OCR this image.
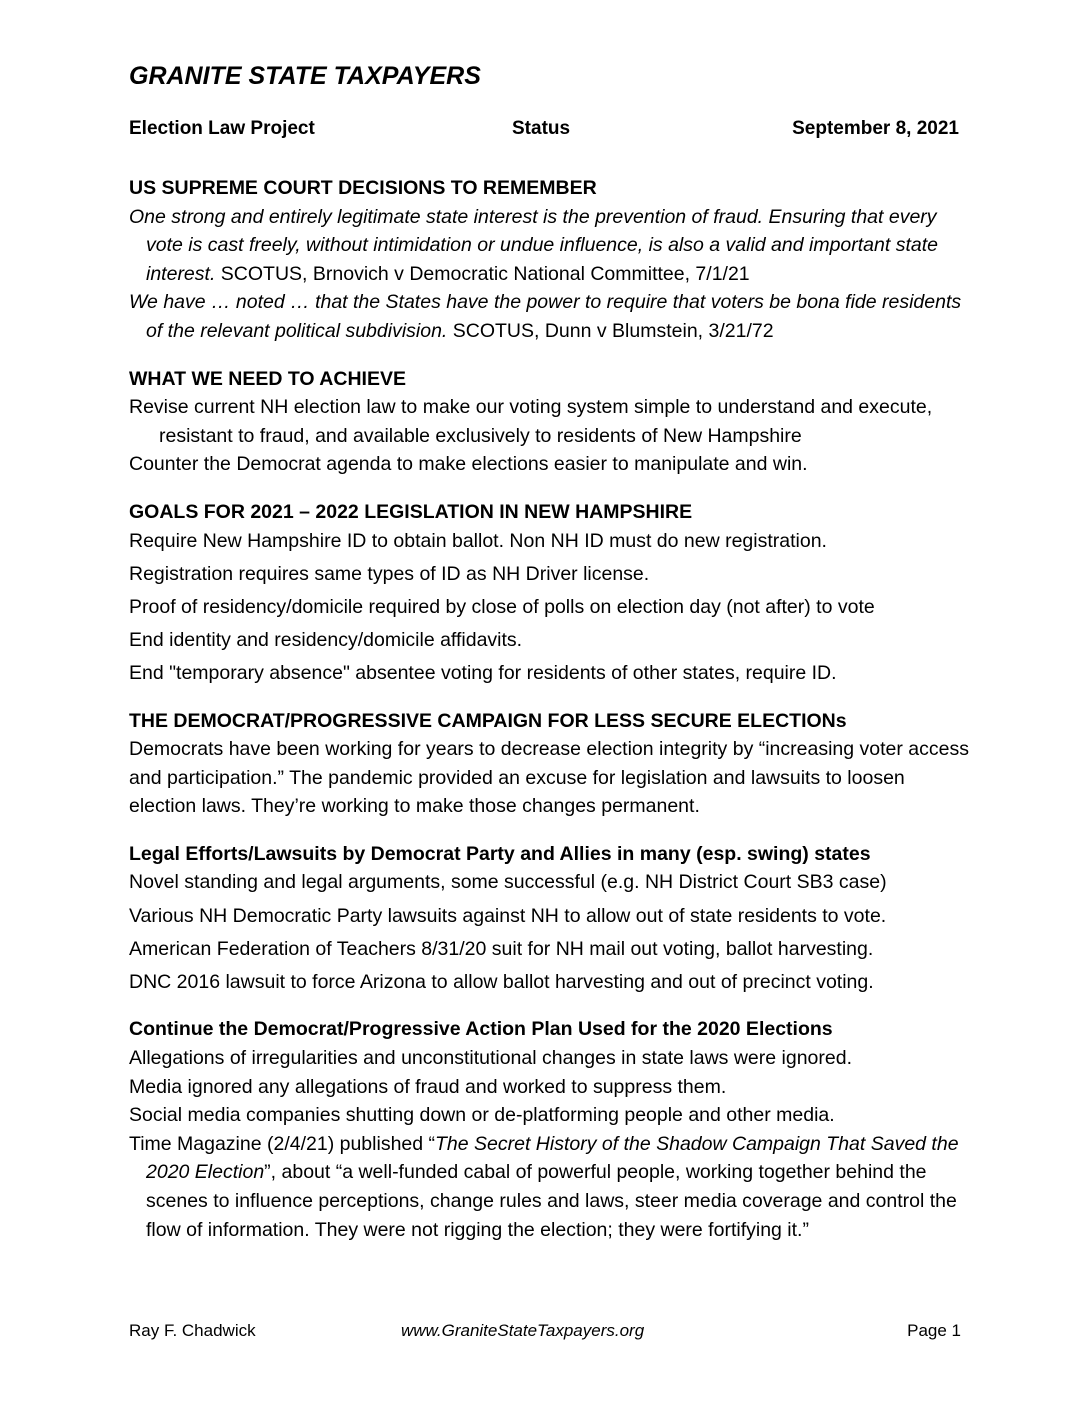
GRANITE STATE TAXPAYERS
Election Law Project	Status	September 8, 2021

US SUPREME COURT DECISIONS TO REMEMBER

One strong and entirely legitimate state interest is the prevention of fraud. Ensuring that every vote is cast freely, without intimidation or undue influence, is also a valid and important state interest. SCOTUS, Brnovich v Democratic National Committee, 7/1/21

We have … noted … that the States have the power to require that voters be bona fide residents of the relevant political subdivision. SCOTUS, Dunn v Blumstein, 3/21/72

WHAT WE NEED TO ACHIEVE

Revise current NH election law to make our voting system simple to understand and execute, resistant to fraud, and available exclusively to residents of New Hampshire

Counter the Democrat agenda to make elections easier to manipulate and win.

GOALS FOR 2021 – 2022 LEGISLATION IN NEW HAMPSHIRE

Require New Hampshire ID to obtain ballot. Non NH ID must do new registration.

Registration requires same types of ID as NH Driver license.

Proof of residency/domicile required by close of polls on election day (not after) to vote

End identity and residency/domicile affidavits.

End "temporary absence" absentee voting for residents of other states, require ID.

THE DEMOCRAT/PROGRESSIVE CAMPAIGN FOR LESS SECURE ELECTIONs

Democrats have been working for years to decrease election integrity by “increasing voter access and participation.” The pandemic provided an excuse for legislation and lawsuits to loosen election laws. They’re working to make those changes permanent.

Legal Efforts/Lawsuits by Democrat Party and Allies in many (esp. swing) states

Novel standing and legal arguments, some successful (e.g. NH District Court SB3 case)

Various NH Democratic Party lawsuits against NH to allow out of state residents to vote.

American Federation of Teachers 8/31/20 suit for NH mail out voting, ballot harvesting.

DNC 2016 lawsuit to force Arizona to allow ballot harvesting and out of precinct voting.

Continue the Democrat/Progressive Action Plan Used for the 2020 Elections

Allegations of irregularities and unconstitutional changes in state laws were ignored.

Media ignored any allegations of fraud and worked to suppress them.

Social media companies shutting down or de-platforming people and other media.

Time Magazine (2/4/21) published “The Secret History of the Shadow Campaign That Saved the 2020 Election”, about “a well-funded cabal of powerful people, working together behind the scenes to influence perceptions, change rules and laws, steer media coverage and control the flow of information. They were not rigging the election; they were fortifying it.”

Ray F. Chadwick	www.GraniteStateTaxpayers.org	Page 1
